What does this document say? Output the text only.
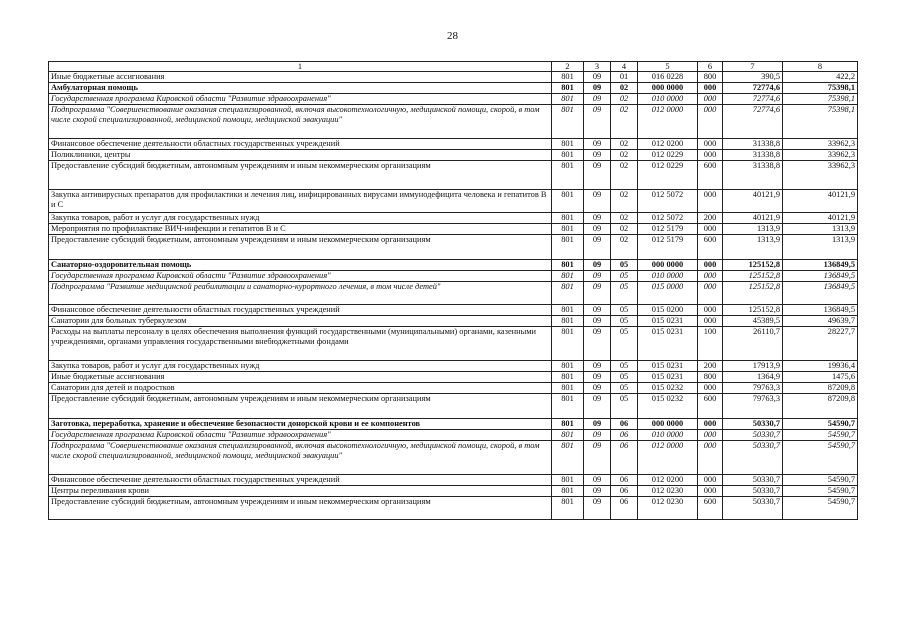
28
1	2	3	4	5	6	7	8
Иные бюджетные ассигнования	801	09	01	016 0228	800	390,5	422,2
Амбулаторная помощь	801	09	02	000 0000	000	72774,6	75398,1
Государственная программа Кировской области "Развитие здравоохранения"	801	09	02	010 0000	000	72774,6	75398,1
Подпрограмма "Совершенствование оказания специализированной, включая высокотехнологичную, медицинской помощи, скорой, в том числе скорой специализированной, медицинской помощи, медицинской эвакуации"	801	09	02	012 0000	000	72774,6	75398,1
Финансовое обеспечение деятельности областных государственных учреждений	801	09	02	012 0200	000	31338,8	33962,3
Поликлиники, центры	801	09	02	012 0229	000	31338,8	33962,3
Предоставление субсидий бюджетным, автономным учреждениям и иным некоммерческим организациям	801	09	02	012 0229	600	31338,8	33962,3
Закупка антивирусных препаратов для профилактики и лечения лиц, инфицированных вирусами иммунодефицита человека и гепатитов В и С	801	09	02	012 5072	000	40121,9	40121,9
Закупка товаров, работ и услуг для государственных нужд	801	09	02	012 5072	200	40121,9	40121,9
Мероприятия по профилактике ВИЧ-инфекции и гепатитов В и С	801	09	02	012 5179	000	1313,9	1313,9
Предоставление субсидий бюджетным, автономным учреждениям и иным некоммерческим организациям	801	09	02	012 5179	600	1313,9	1313,9
Санаторно-оздоровительная помощь	801	09	05	000 0000	000	125152,8	136849,5
Государственная программа Кировской области "Развитие здравоохранения"	801	09	05	010 0000	000	125152,8	136849,5
Подпрограмма "Развитие медицинской реабилитации и санаторно-курортного лечения, в том числе детей"	801	09	05	015 0000	000	125152,8	136849,5
Финансовое обеспечение деятельности областных государственных учреждений	801	09	05	015 0200	000	125152,8	136849,5
Санатории для больных туберкулезом	801	09	05	015 0231	000	45389,5	49639,7
Расходы на выплаты персоналу в целях обеспечения выполнения функций государственными (муниципальными) органами, казенными учреждениями, органами управления государственными внебюджетными фондами	801	09	05	015 0231	100	26110,7	28227,7
Закупка товаров, работ и услуг для государственных нужд	801	09	05	015 0231	200	17913,9	19936,4
Иные бюджетные ассигнования	801	09	05	015 0231	800	1364,9	1475,6
Санатории для детей и подростков	801	09	05	015 0232	000	79763,3	87209,8
Предоставление субсидий бюджетным, автономным учреждениям и иным некоммерческим организациям	801	09	05	015 0232	600	79763,3	87209,8
Заготовка, переработка, хранение и обеспечение безопасности донорской крови и ее компонентов	801	09	06	000 0000	000	50330,7	54590,7
Государственная программа Кировской области "Развитие здравоохранения"	801	09	06	010 0000	000	50330,7	54590,7
Подпрограмма "Совершенствование оказания специализированной, включая высокотехнологичную, медицинской помощи, скорой, в том числе скорой специализированной, медицинской помощи, медицинской эвакуации"	801	09	06	012 0000	000	50330,7	54590,7
Финансовое обеспечение деятельности областных государственных учреждений	801	09	06	012 0200	000	50330,7	54590,7
Центры переливания крови	801	09	06	012 0230	000	50330,7	54590,7
Предоставление субсидий бюджетным, автономным учреждениям и иным некоммерческим организациям	801	09	06	012 0230	600	50330,7	54590,7
